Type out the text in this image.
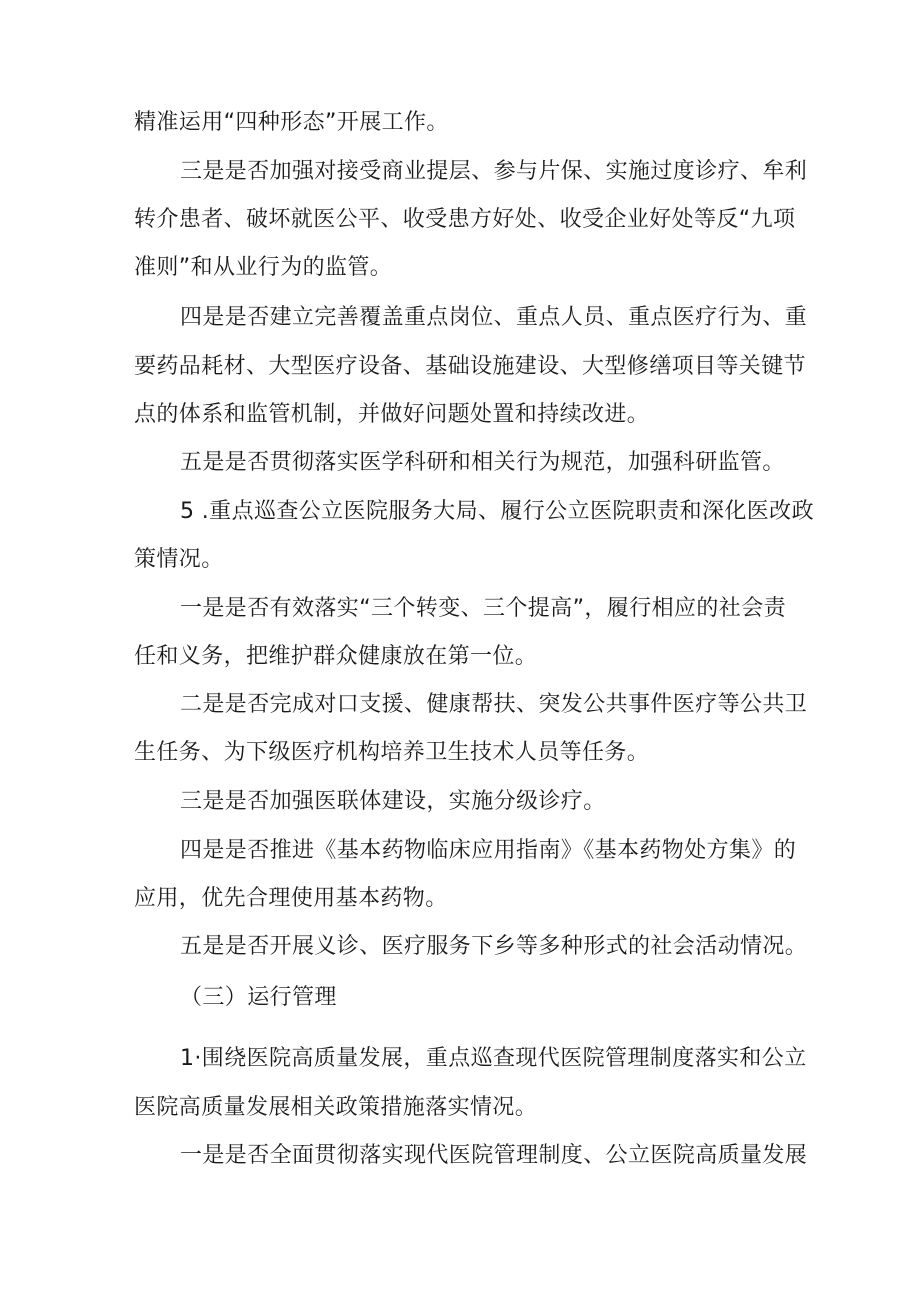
精准运用“四种形态”开展工作。
三是是否加强对接受商业提层、参与片保、实施过度诊疗、牟利
转介患者、破坏就医公平、收受患方好处、收受企业好处等反“九项
准则”和从业行为的监管。
四是是否建立完善覆盖重点岗位、重点人员、重点医疗行为、重
要药品耗材、大型医疗设备、基础设施建设、大型修缮项目等关键节
点的体系和监管机制，并做好问题处置和持续改进。
五是是否贯彻落实医学科研和相关行为规范，加强科研监管。
5 .重点巡查公立医院服务大局、履行公立医院职责和深化医改政
策情况。
一是是否有效落实“三个转变、三个提高”，履行相应的社会责
任和义务，把维护群众健康放在第一位。
二是是否完成对口支援、健康帮扶、突发公共事件医疗等公共卫
生任务、为下级医疗机构培养卫生技术人员等任务。
三是是否加强医联体建设，实施分级诊疗。
四是是否推进《基本药物临床应用指南》《基本药物处方集》的
应用，优先合理使用基本药物。
五是是否开展义诊、医疗服务下乡等多种形式的社会活动情况。
（三）运行管理
1·围绕医院高质量发展，重点巡查现代医院管理制度落实和公立
医院高质量发展相关政策措施落实情况。
一是是否全面贯彻落实现代医院管理制度、公立医院高质量发展
